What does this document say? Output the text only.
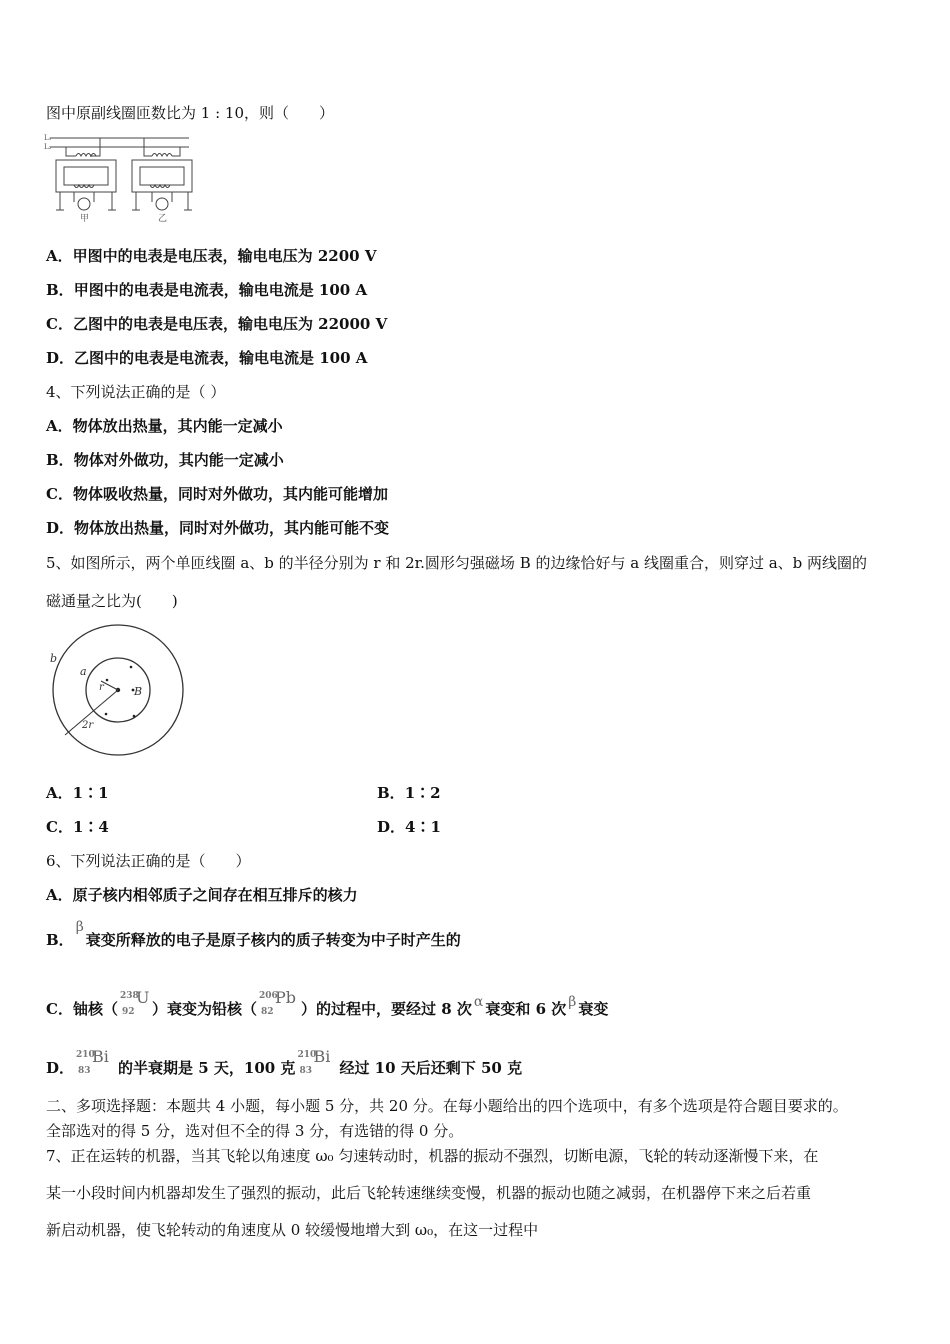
图中原副线圈匝数比为 1 : 10，则（　　）
L₁
L₂
甲	乙
A．甲图中的电表是电压表，输电电压为 2200 V
B．甲图中的电表是电流表，输电电流是 100 A
C．乙图中的电表是电压表，输电电压为 22000 V
D．乙图中的电表是电流表，输电电流是 100 A
4、下列说法正确的是（ ）
A．物体放出热量，其内能一定减小
B．物体对外做功，其内能一定减小
C．物体吸收热量，同时对外做功，其内能可能增加
D．物体放出热量，同时对外做功，其内能可能不变
5、如图所示，两个单匝线圈 a、b 的半径分别为 r 和 2r.圆形匀强磁场 B 的边缘恰好与 a 线圈重合，则穿过 a、b 两线圈的
磁通量之比为(　　)
b
a
r	B
2r
A．1∶1	B．1∶2
C．1∶4	D．4∶1
6、下列说法正确的是（　　）
A．原子核内相邻质子之间存在相互排斥的核力
B．β衰变所释放的电子是原子核内的质子转变为中子时产生的
C．铀核（
238
92
U
）衰变为铅核（
206
82
Pb
）的过程中，要经过 8 次 α 衰变和 6 次 β 衰变
D．
210
83
Bi
的半衰期是 5 天，100 克
210
83
Bi
经过 10 天后还剩下 50 克
二、多项选择题：本题共 4 小题，每小题 5 分，共 20 分。在每小题给出的四个选项中，有多个选项是符合题目要求的。
全部选对的得 5 分，选对但不全的得 3 分，有选错的得 0 分。
7、正在运转的机器，当其飞轮以角速度 ω₀ 匀速转动时，机器的振动不强烈，切断电源，飞轮的转动逐渐慢下来，在
某一小段时间内机器却发生了强烈的振动，此后飞轮转速继续变慢，机器的振动也随之减弱，在机器停下来之后若重
新启动机器，使飞轮转动的角速度从 0 较缓慢地增大到 ω₀，在这一过程中
